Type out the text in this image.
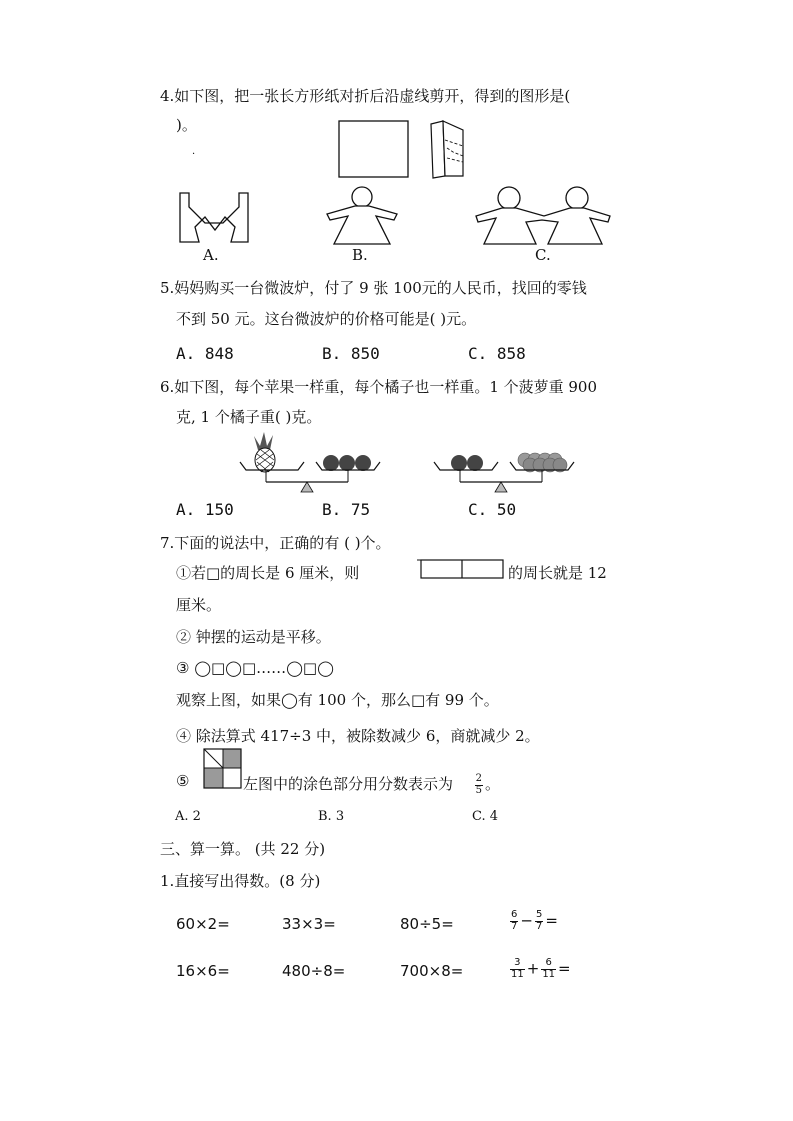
4.如下图，把一张长方形纸对折后沿虚线剪开，得到的图形是(
)。
·
A.	B.	C.
5.妈妈购买一台微波炉，付了 9 张 100元的人民币，找回的零钱
不到 50 元。这台微波炉的价格可能是( )元。
A. 848	B. 850	C. 858
6.如下图，每个苹果一样重，每个橘子也一样重。1 个菠萝重 900
克, 1 个橘子重( )克。
A. 150	B. 75	C. 50
7.下面的说法中，正确的有 ( )个。
①若□的周长是 6 厘米，则	的周长就是 12
厘米。
② 钟摆的运动是平移。
③ ◯□◯□……◯□◯
观察上图，如果◯有 100 个，那么□有 99 个。
④ 除法算式 417÷3 中，被除数减少 6，商就减少 2。
⑤	左图中的涂色部分用分数表示为 $\frac{2}{5}$ 。
A. 2	B. 3	C. 4
三、算一算。 (共 22 分)
1.直接写出得数。(8 分)
60×2=	33×3=	80÷5=	$\frac{6}{7} - \frac{5}{7}$ =
16×6=	480÷8=	700×8=	$\frac{3}{11} + \frac{6}{11}$ =
